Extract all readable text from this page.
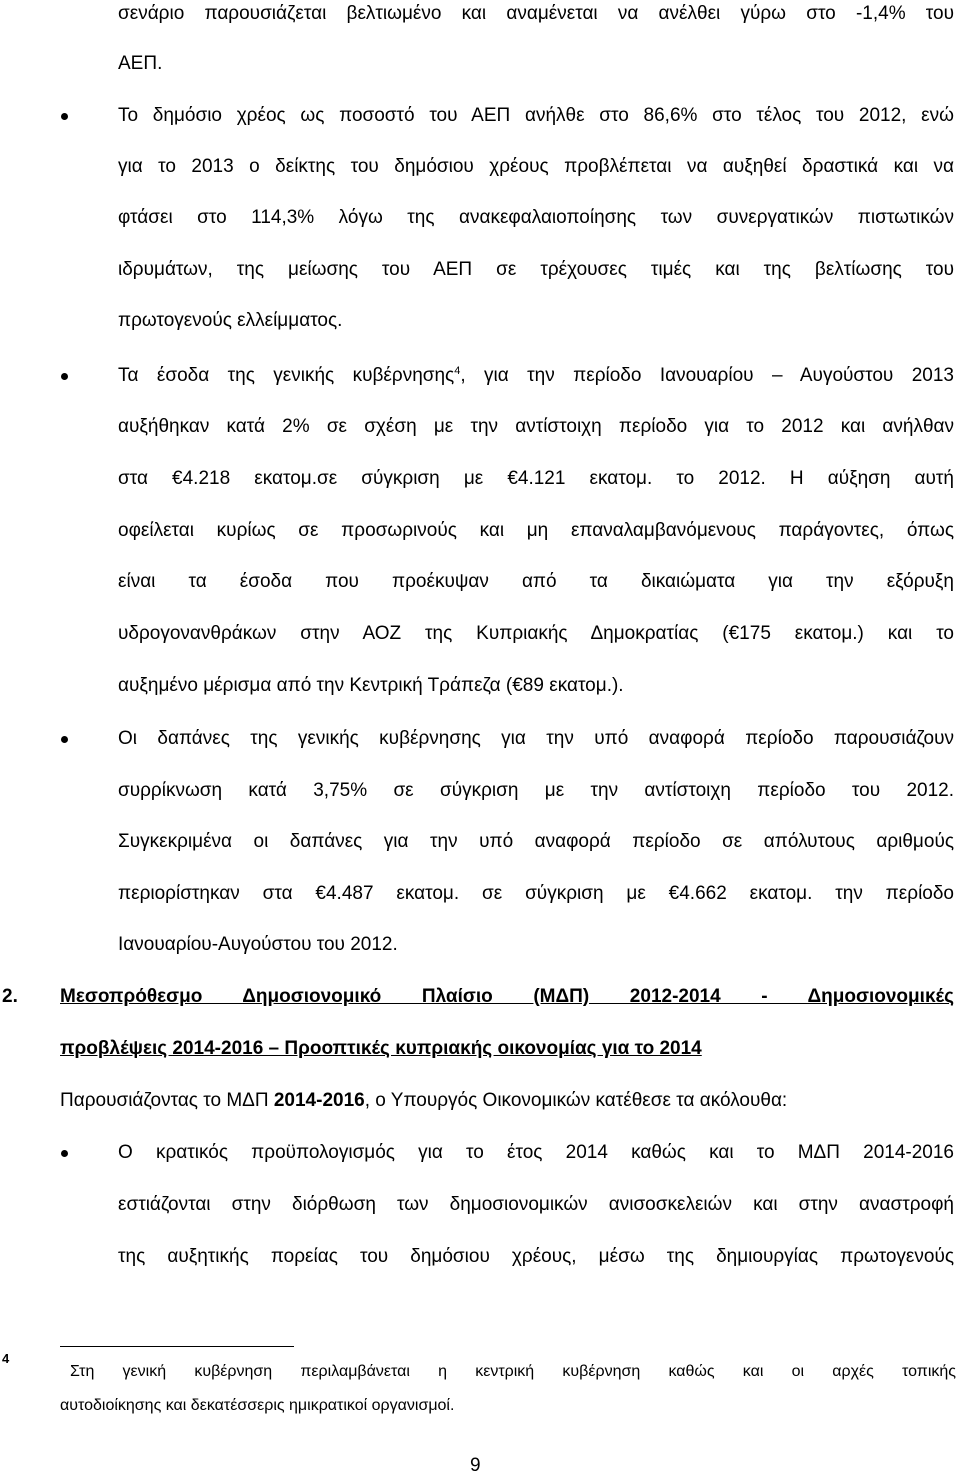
σενάριο παρουσιάζεται βελτιωμένο και αναμένεται να ανέλθει γύρω στο -1,4% του
ΑΕΠ.
Το δημόσιο χρέος ως ποσοστό του ΑΕΠ ανήλθε στο 86,6% στο τέλος του 2012, ενώ
για το 2013 ο δείκτης του δημόσιου χρέους προβλέπεται να αυξηθεί δραστικά και να
φτάσει στο 114,3% λόγω της ανακεφαλαιοποίησης των συνεργατικών πιστωτικών
ιδρυμάτων, της μείωσης του ΑΕΠ σε τρέχουσες τιμές και της βελτίωσης του
πρωτογενούς ελλείμματος.
Τα έσοδα της γενικής κυβέρνησης$^4$, για την περίοδο Ιανουαρίου – Αυγούστου 2013
αυξήθηκαν κατά 2% σε σχέση με την αντίστοιχη περίοδο για το 2012 και ανήλθαν
στα €4.218 εκατομ.σε σύγκριση με €4.121 εκατομ. το 2012. Η αύξηση αυτή
οφείλεται κυρίως σε προσωρινούς και μη επαναλαμβανόμενους παράγοντες, όπως
είναι τα έσοδα που προέκυψαν από τα δικαιώματα για την εξόρυξη
υδρογονανθράκων στην ΑΟΖ της Κυπριακής Δημοκρατίας (€175 εκατομ.) και το
αυξημένο μέρισμα από την Κεντρική Τράπεζα (€89 εκατομ.).
Οι δαπάνες της γενικής κυβέρνησης για την υπό αναφορά περίοδο παρουσιάζουν
συρρίκνωση κατά 3,75% σε σύγκριση με την αντίστοιχη περίοδο του 2012.
Συγκεκριμένα οι δαπάνες για την υπό αναφορά περίοδο σε απόλυτους αριθμούς
περιορίστηκαν στα €4.487 εκατομ. σε σύγκριση με €4.662 εκατομ. την περίοδο
Ιανουαρίου-Αυγούστου του 2012.
2. Μεσοπρόθεσμο Δημοσιονομικό Πλαίσιο (ΜΔΠ) 2012-2014 - Δημοσιονομικές
προβλέψεις 2014-2016 – Προοπτικές κυπριακής οικονομίας για το 2014
Παρουσιάζοντας το ΜΔΠ 2014-2016, ο Υπουργός Οικονομικών κατέθεσε τα ακόλουθα:
Ο κρατικός προϋπολογισμός για το έτος 2014 καθώς και το ΜΔΠ 2014-2016
εστιάζονται στην διόρθωση των δημοσιονομικών ανισοσκελειών και στην αναστροφή
της αυξητικής πορείας του δημόσιου χρέους, μέσω της δημιουργίας πρωτογενούς
4
Στη γενική κυβέρνηση περιλαμβάνεται η κεντρική κυβέρνηση καθώς και οι αρχές τοπικής
αυτοδιοίκησης και δεκατέσσερις ημικρατικοί οργανισμοί.
9
